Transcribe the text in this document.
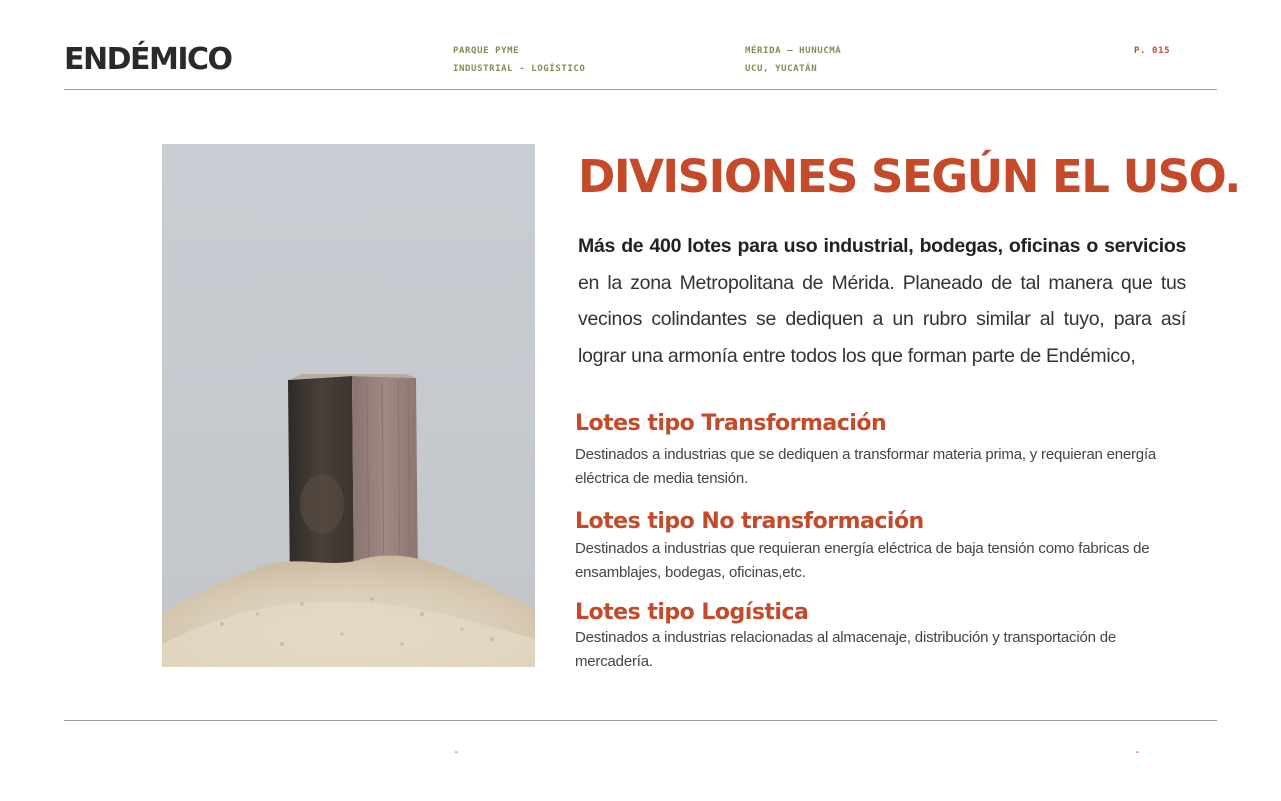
ENDÉMICO	PARQUE PYME
INDUSTRIAL - LOGÍSTICO
MÉRIDA — HUNUCMÁ
UCU, YUCATÁN
P. 015
DIVISIONES SEGÚN EL USO.

Más de 400 lotes para uso industrial, bodegas, oficinas o servicios en la zona Metropolitana de Mérida. Planeado de tal manera que tus vecinos colindantes se dediquen a un rubro similar al tuyo, para así lograr una armonía entre todos los que forman parte de Endémico,

Lotes tipo Transformación

Destinados a industrias que se dediquen a transformar materia prima, y requieran energía eléctrica de media tensión.

Lotes tipo No transformación

Destinados a industrias que requieran energía eléctrica de baja tensión como fabricas de ensamblajes, bodegas, oficinas,etc.

Lotes tipo Logística

Destinados a industrias relacionadas al almacenaje, distribución y transportación de mercadería.

-	-
